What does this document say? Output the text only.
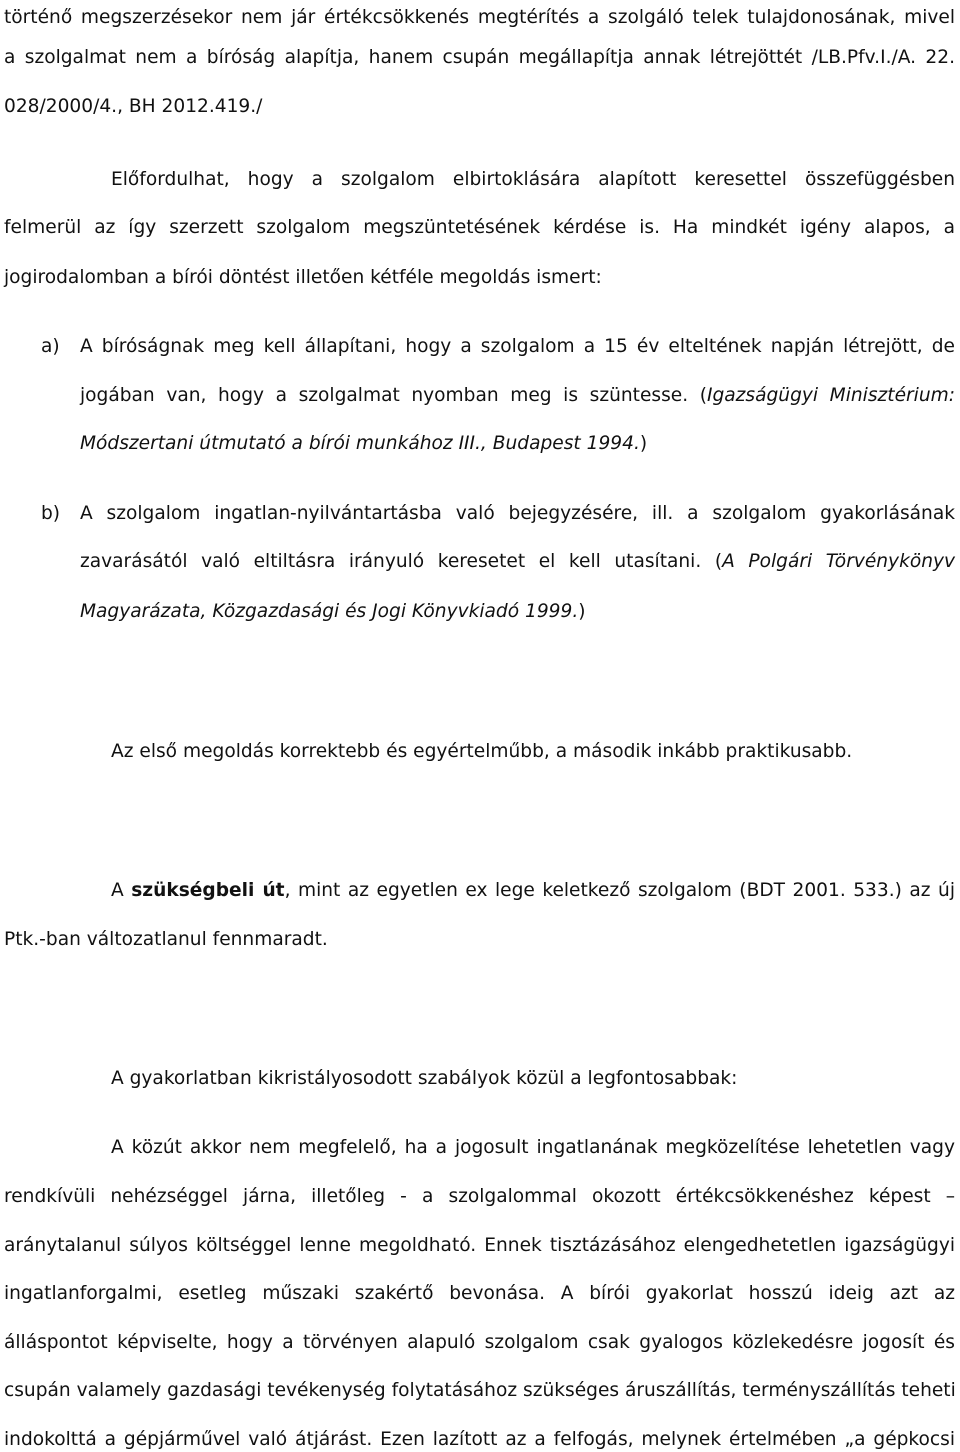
történő megszerzésekor nem jár értékcsökkenés megtérítés a szolgáló telek tulajdonosának, mivel
a szolgalmat nem a bíróság alapítja, hanem csupán megállapítja annak létrejöttét /LB.Pfv.I./A. 22.
028/2000/4., BH 2012.419./
Előfordulhat, hogy a szolgalom elbirtoklására alapított keresettel összefüggésben
felmerül az így szerzett szolgalom megszüntetésének kérdése is. Ha mindkét igény alapos, a
jogirodalomban a bírói döntést illetően kétféle megoldás ismert:
a) A bíróságnak meg kell állapítani, hogy a szolgalom a 15 év elteltének napján létrejött, de
jogában van, hogy a szolgalmat nyomban meg is szüntesse. (Igazságügyi Minisztérium:
Módszertani útmutató a bírói munkához III., Budapest 1994.)
b) A szolgalom ingatlan-nyilvántartásba való bejegyzésére, ill. a szolgalom gyakorlásának
zavarásától való eltiltásra irányuló keresetet el kell utasítani. (A Polgári Törvénykönyv
Magyarázata, Közgazdasági és Jogi Könyvkiadó 1999.)
Az első megoldás korrektebb és egyértelműbb, a második inkább praktikusabb.
A szükségbeli út, mint az egyetlen ex lege keletkező szolgalom (BDT 2001. 533.) az új
Ptk.-ban változatlanul fennmaradt.
A gyakorlatban kikristályosodott szabályok közül a legfontosabbak:
A közút akkor nem megfelelő, ha a jogosult ingatlanának megközelítése lehetetlen vagy
rendkívüli nehézséggel járna, illetőleg - a szolgalommal okozott értékcsökkenéshez képest –
aránytalanul súlyos költséggel lenne megoldható. Ennek tisztázásához elengedhetetlen igazságügyi
ingatlanforgalmi, esetleg műszaki szakértő bevonása. A bírói gyakorlat hosszú ideig azt az
álláspontot képviselte, hogy a törvényen alapuló szolgalom csak gyalogos közlekedésre jogosít és
csupán valamely gazdasági tevékenység folytatásához szükséges áruszállítás, terményszállítás teheti
indokolttá a gépjárművel való átjárást. Ezen lazított az a felfogás, melynek értelmében „a gépkocsi
